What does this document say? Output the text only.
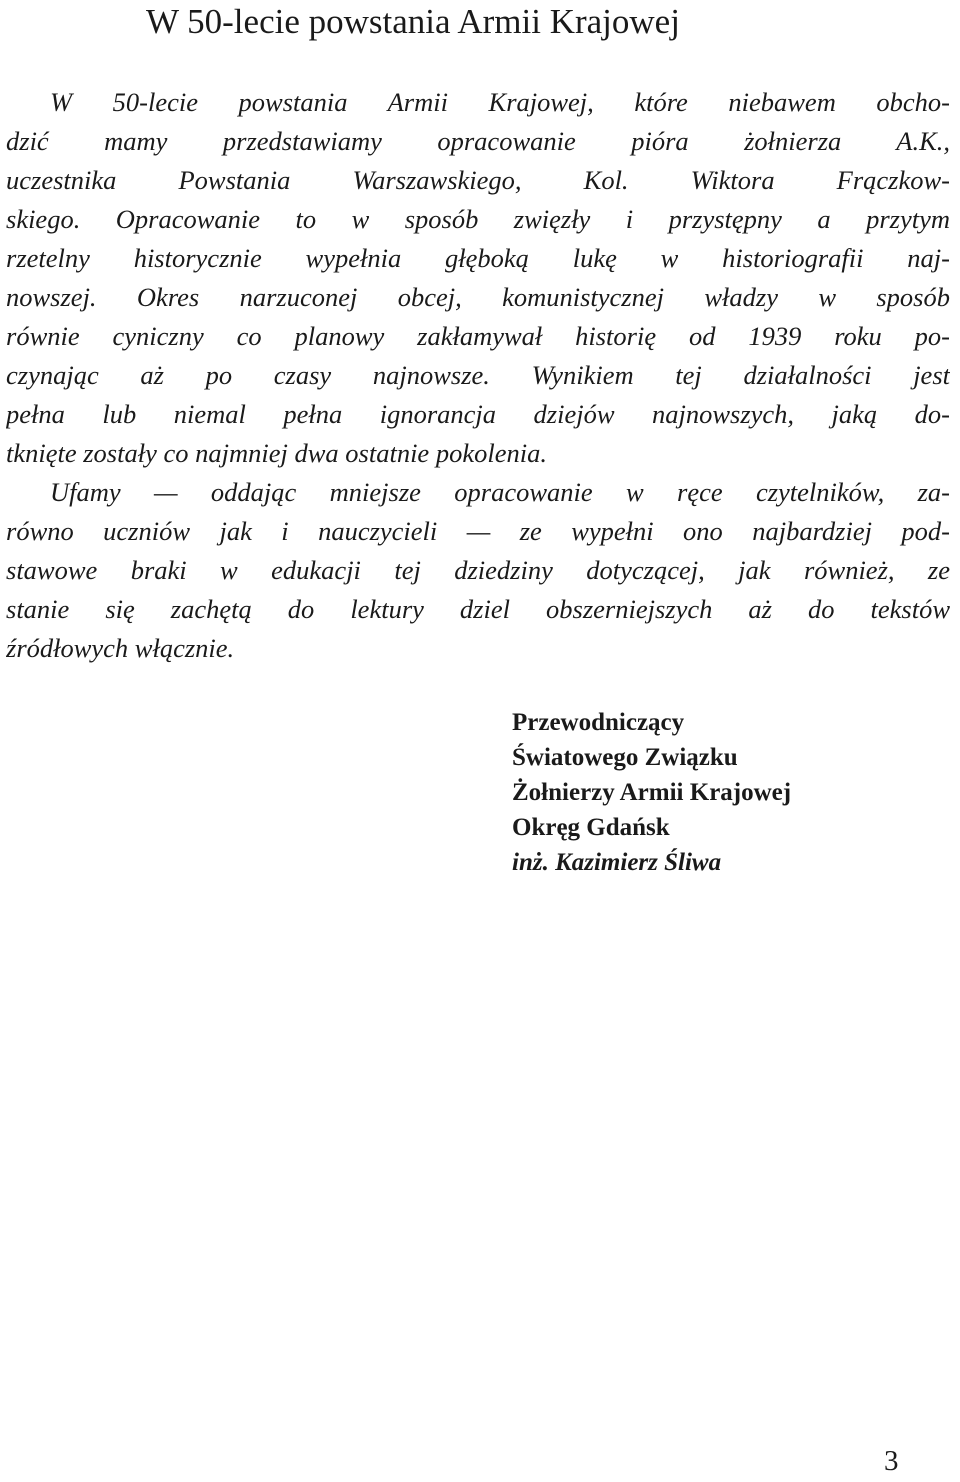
W 50-lecie powstania Armii Krajowej
W 50-lecie powstania Armii Krajowej, które niebawem obcho-
dzić mamy przedstawiamy opracowanie pióra żołnierza A.K.,
uczestnika Powstania Warszawskiego, Kol. Wiktora Frączkow-
skiego. Opracowanie to w sposób zwięzły i przystępny a przytym
rzetelny historycznie wypełnia głęboką lukę w historiografii naj-
nowszej. Okres narzuconej obcej, komunistycznej władzy w sposób
równie cyniczny co planowy zakłamywał historię od 1939 roku po-
czynając aż po czasy najnowsze. Wynikiem tej działalności jest
pełna lub niemal pełna ignorancja dziejów najnowszych, jaką do-
tknięte zostały co najmniej dwa ostatnie pokolenia.
Ufamy — oddając mniejsze opracowanie w ręce czytelników, za-
równo uczniów jak i nauczycieli — ze wypełni ono najbardziej pod-
stawowe braki w edukacji tej dziedziny dotyczącej, jak również, ze
stanie się zachętą do lektury dziel obszerniejszych aż do tekstów
źródłowych włącznie.
Przewodniczący
Światowego Związku
Żołnierzy Armii Krajowej
Okręg Gdańsk
inż. Kazimierz Śliwa
3
